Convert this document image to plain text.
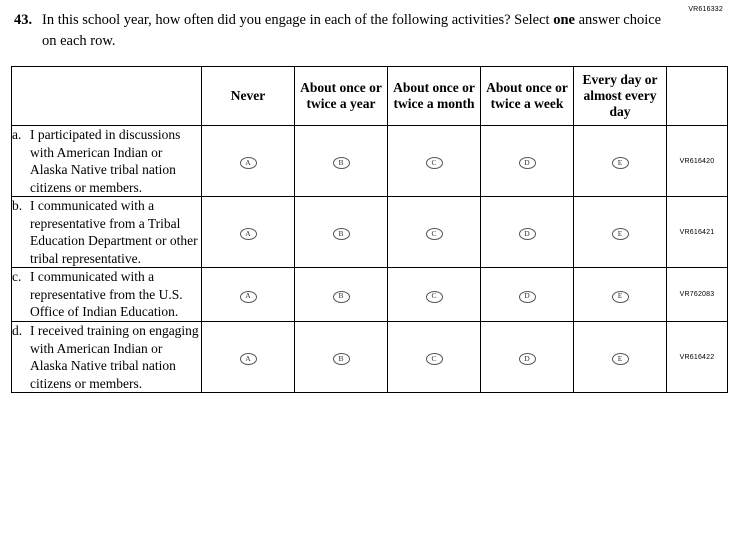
VR616332
43. In this school year, how often did you engage in each of the following activities? Select one answer choice on each row.
	Never	About once or twice a year	About once or twice a month	About once or twice a week	Every day or almost every day	

a. I participated in discussions with American Indian or Alaska Native tribal nation citizens or members.	A	B	C	D	E	VR616420

b. I communicated with a representative from a Tribal Education Department or other tribal representative.	A	B	C	D	E	VR616421

c. I communicated with a representative from the U.S. Office of Indian Education.	A	B	C	D	E	VR762083

d. I received training on engaging with American Indian or Alaska Native tribal nation citizens or members.	A	B	C	D	E	VR616422
